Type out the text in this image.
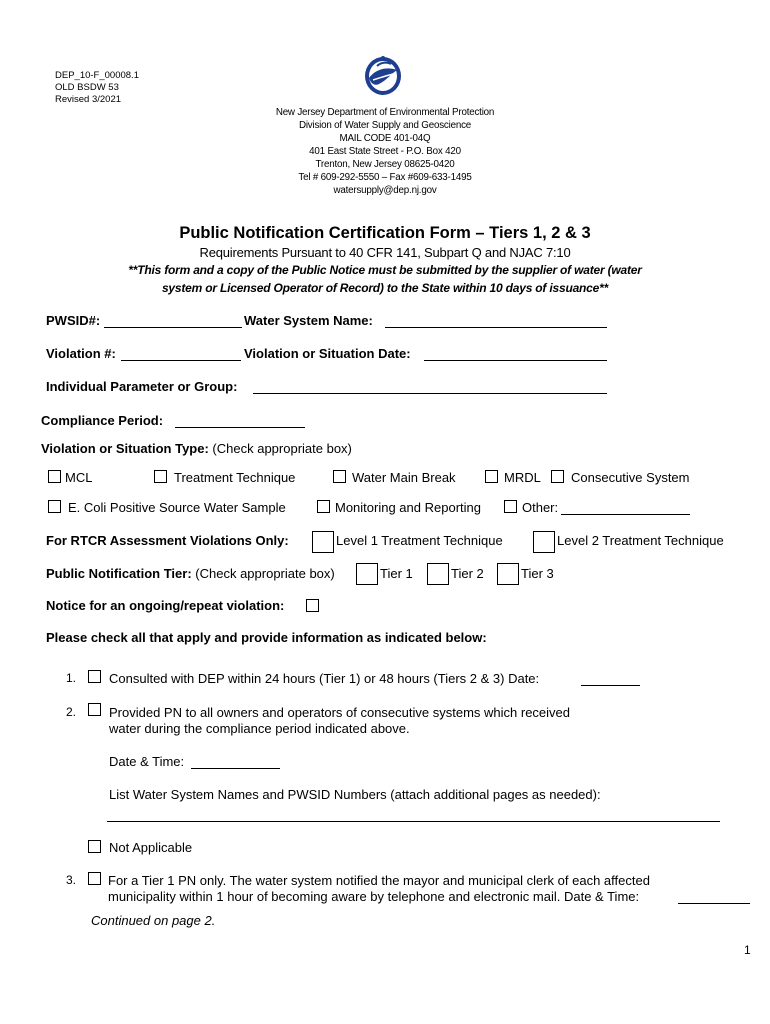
DEP_10-F_00008.1
OLD BSDW 53
Revised 3/2021
New Jersey Department of Environmental Protection
Division of Water Supply and Geoscience
MAIL CODE 401-04Q
401 East State Street - P.O. Box 420
Trenton, New Jersey 08625-0420
Tel # 609-292-5550 – Fax #609-633-1495
watersupply@dep.nj.gov
Public Notification Certification Form – Tiers 1, 2 & 3
Requirements Pursuant to 40 CFR 141, Subpart Q and NJAC 7:10
**This form and a copy of the Public Notice must be submitted by the supplier of water (water
system or Licensed Operator of Record) to the State within 10 days of issuance**
PWSID#:	Water System Name:
Violation #:	Violation or Situation Date:
Individual Parameter or Group:
Compliance Period:
Violation or Situation Type: (Check appropriate box)
MCL	Treatment Technique	Water Main Break	MRDL Consecutive System
E. Coli Positive Source Water Sample	Monitoring and Reporting	Other:
For RTCR Assessment Violations Only:	Level 1 Treatment Technique	Level 2 Treatment Technique
Public Notification Tier: (Check appropriate box)	Tier 1	Tier 2	Tier 3
Notice for an ongoing/repeat violation:
Please check all that apply and provide information as indicated below:
1.	Consulted with DEP within 24 hours (Tier 1) or 48 hours (Tiers 2 & 3) Date:
2.	Provided PN to all owners and operators of consecutive systems which received
water during the compliance period indicated above.
Date & Time:
List Water System Names and PWSID Numbers (attach additional pages as needed):
Not Applicable
3. For a Tier 1 PN only. The water system notified the mayor and municipal clerk of each affected
municipality within 1 hour of becoming aware by telephone and electronic mail. Date & Time:
Continued on page 2.
1
